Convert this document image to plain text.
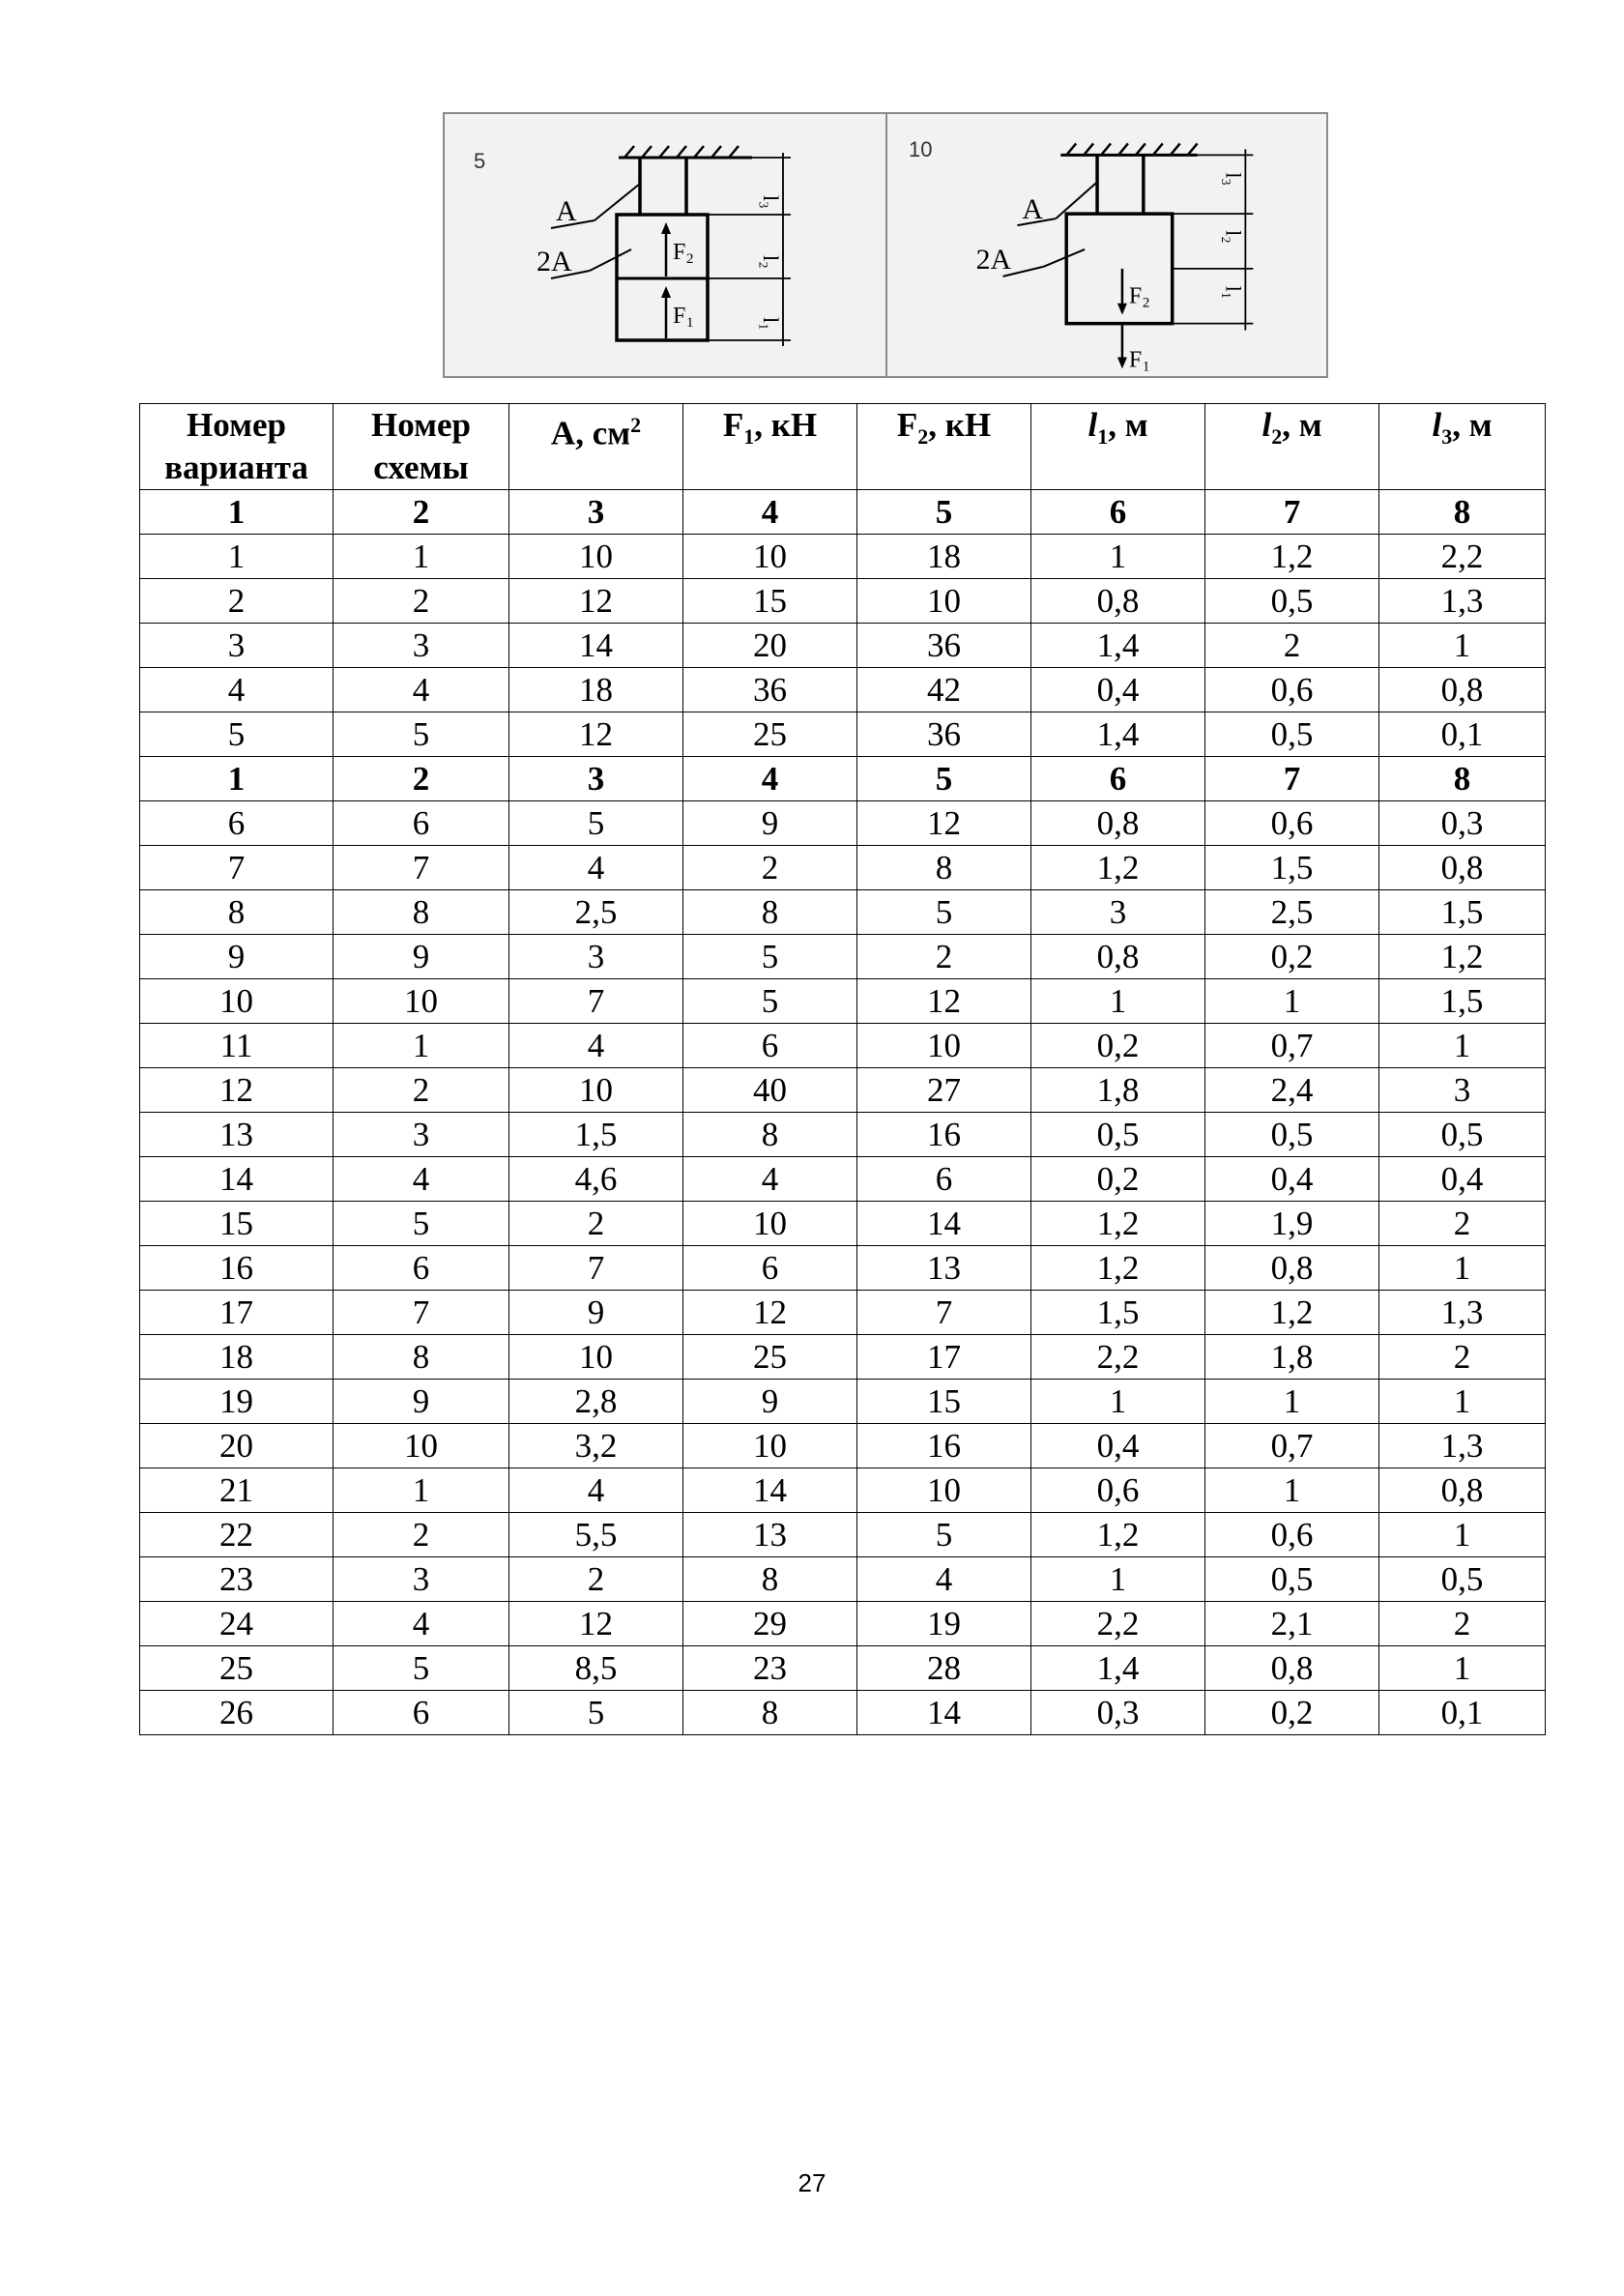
5
A
2A	F 2
F 1
l₃
l₂
l₁
10
A
2A
F 2
F 1
l₃
l₂
l₁
Номер
варианта	Номер
схемы	A, $см^2$	$F_1$, кН	$F_2$, кН	$l_1$, м	$l_2$, м	$l_3$, м
1	2	3	4	5	6	7	8
1	1	10	10	18	1	1,2	2,2
2	2	12	15	10	0,8	0,5	1,3
3	3	14	20	36	1,4	2	1
4	4	18	36	42	0,4	0,6	0,8
5	5	12	25	36	1,4	0,5	0,1
1	2	3	4	5	6	7	8
6	6	5	9	12	0,8	0,6	0,3
7	7	4	2	8	1,2	1,5	0,8
8	8	2,5	8	5	3	2,5	1,5
9	9	3	5	2	0,8	0,2	1,2
10	10	7	5	12	1	1	1,5
11	1	4	6	10	0,2	0,7	1
12	2	10	40	27	1,8	2,4	3
13	3	1,5	8	16	0,5	0,5	0,5
14	4	4,6	4	6	0,2	0,4	0,4
15	5	2	10	14	1,2	1,9	2
16	6	7	6	13	1,2	0,8	1
17	7	9	12	7	1,5	1,2	1,3
18	8	10	25	17	2,2	1,8	2
19	9	2,8	9	15	1	1	1
20	10	3,2	10	16	0,4	0,7	1,3
21	1	4	14	10	0,6	1	0,8
22	2	5,5	13	5	1,2	0,6	1
23	3	2	8	4	1	0,5	0,5
24	4	12	29	19	2,2	2,1	2
25	5	8,5	23	28	1,4	0,8	1
26	6	5	8	14	0,3	0,2	0,1
27
